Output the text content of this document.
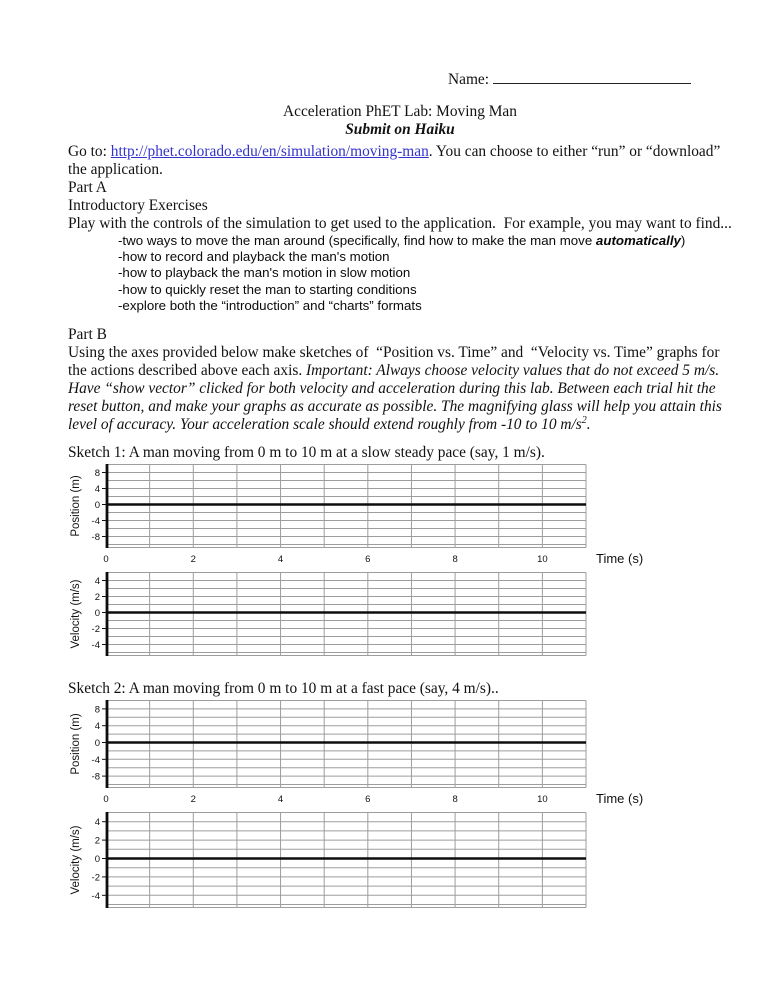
Name:
Acceleration PhET Lab: Moving Man
Submit on Haiku

Go to: http://phet.colorado.edu/en/simulation/moving-man. You can choose to either “run” or “download” the application.

Part A

Introductory Exercises

Play with the controls of the simulation to get used to the application.  For example, you may want to find...

-two ways to move the man around (specifically, find how to make the man move automatically)
-how to record and playback the man's motion
-how to playback the man's motion in slow motion
-how to quickly reset the man to starting conditions
-explore both the “introduction” and “charts” formats

Part B

Using the axes provided below make sketches of  “Position vs. Time” and  “Velocity vs. Time” graphs for the actions described above each axis. Important: Always choose velocity values that do not exceed 5 m/s. Have “show vector” clicked for both velocity and acceleration during this lab. Between each trial hit the reset button, and make your graphs as accurate as possible. The magnifying glass will help you attain this level of accuracy. Your acceleration scale should extend roughly from -10 to 10 $m/s^2$.

Sketch 1: A man moving from 0 m to 10 m at a slow steady pace (say, 1 m/s).

8
4
0
-4
-8
Position (m)
0	2	4	6	8	10	Time (s)
4
2
0
-2
-4
Velocity (m/s)

Sketch 2: A man moving from 0 m to 10 m at a fast pace (say, 4 m/s)..

8
4
0
-4
-8
Position (m)
0	2	4	6	8	10	Time (s)
4
2
0
-2
-4
Velocity (m/s)
